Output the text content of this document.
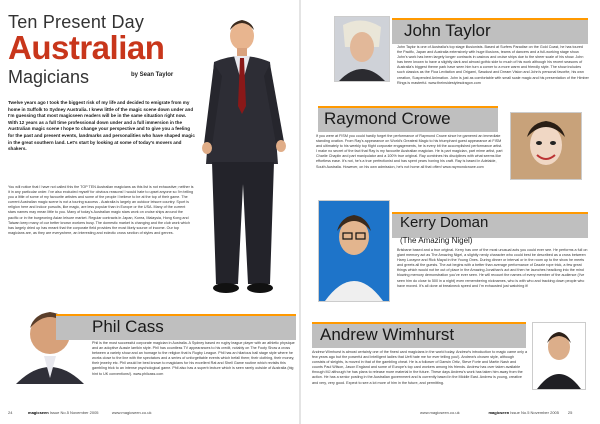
Ten Present Day
Australian
Magicians	by Sean Taylor
Twelve years ago I took the biggest risk of my life and decided to emigrate from my home in Suffolk to Sydney Australia. I knew little of the magic scene down under and I'm guessing that most magicseen readers will be in the same situation right now. With 12 years as a full time professional down under and a full immersion in the Australian magic scene I hope to change your perspective and to give you a feeling for the past and present events, landmarks and personalities who have shaped magic in the great southern land. Let's start by looking at some of today's movers and shakers.
You will notice that I have not called this the TOP TEN Australian magicians as this list is not exhaustive; neither is it in any particular order. I've also excluded myself for obvious reasons! I would hate to upset anyone so I'm telling you a little of some of my favourite artistes and some of the people I believe to be at the top of their game. The current Australian magic scene is not a touring success - Australia is largely an outdoor leisure country. Sport is religion here and indoor pursuits, like magic, are less popular than in Europe or the USA. Many of the current stars names may mean little to you. Many of today's Australian magic stars work on cruise ships around the pacific or in the burgeoning Asian leisure market. Regular contracts in Japan, Korea, Malaysia, Hong Kong and Taiwan keep many of our better known workers busy. The domestic market is changing and the club work which has largely dried up has meant that the corporate field provides the most likely source of income. Our top magicians are, as they are everywhere, an interesting and eclectic cross section of styles and genres.
Phil Cass
Phil is the most successful corporate magician in Australia. A Sydney based ex rugby league player with an athletic physique and an adoptive Aussie larrikin style. Phil has countless TV appearances to his credit, notably on The Footy Show a cross between a variety show and an homage to the religion that is Rugby League. Phil has an hilarious ball stage style where he works close to the line with the spectators and a series of unforgettable events which befall them; their clothing, their money, their jewelry etc. Phil would be best known to magicians for his excellent Rat and Shell Game routine which revisits this gambling trick to an intense psychological game. Phil also has a superb lecture which is seen rarely outside of Australia (big hint to UK conventions!). www.philcass.com
John Taylor
John Taylor is one of Australia's top stage illusionists. Based at Surfers Paradise on the Gold Coast, he has toured the Pacific, Japan and Australia extensively with huge illusions, teams of dancers and a full-working stage show. John's work has been largely longer contracts in casinos and cruise ships due to the sheer scale of his show. John has been known to have a slightly dark and almost gothic side to much of his work although his recent seasons of Australia's biggest theme park have seen him turn a corner to a more warm and friendly style. The show includes such classics as the Floa Levitation and Origami, Sawdust and Dream Vision and John's personal favorite, his own creation, Suspended Animation. John is just as comfortable with small scale magic and his presentation of the Himber Rings is masterful. www.theinsidestylesdragon.com
Raymond Crowe
If you were at FISM you could hardly forget the performance of Raymond Crowe since he garnered an immediate standing ovation. From Ray's appearance on World's Greatest Magic to his triumphant guest appearance at FISM and ultimately to his weekly top flight corporate engagements, he is every bit the accomplished performance artist. I make no secret of the fact that Ray is my favourite Australian magician. He is part magician, part mime artist, part Charlie Chaplin and part manipulator and a 100% true original. Ray combines his disciplines with what seems like effortless ease. It's not, he's a true perfectionist and has spent years honing his craft. Ray is based in Adelaide, South Australia. However, on his own admission, he's not home all that often! www.raymondcrowe.com
Kerry Doman
(The Amazing Nigel)
Brisbane based and a true original. Kerry has one of the most unusual acts you could ever see. He performs a full on giant memory act as The Amazing Nigel, a slightly nerdy character who could best be described as a cross between Harry Lorayne and Rick Mayal in the Young Ones. During dinner or interval or in the room up to the show he meets and greets all the guests. The act begins with a better than average performance of Dazzle rope trick, a few great things which would not be out of place in the Amazing Jonathan's act and then he launches headlong into the mind blowing memory demonstration you've ever seen. He will recount the names of every member of the audience (I've seen him do close to 500 in a night) even remembering nicknames, who is with who and tracking down people who have moved. It's all done at breakneck speed and I'm exhausted just watching it!
Andrew Wimhurst
Andrew Wimhurst is almost certainly one of the finest card magicians in the world today. Andrew's introduction to magic came only a few years ago but the powerful and intelligent ladies that Ueft hate me for ever telling you!). Andrew's chosen style, although consists of sleights, is moved in that of the gambling cheat. He is a follower of Darwin Ortiz, Steve Forte and Martin Nash and counts Paul Wilson, Jason England and some of Europe's top card workers among his friends. Andrew has over taken available through MJ although he has plans to release more material in the future. These days Andrew's work has taken him away from the action. He has a senior posting in the Australian government and is currently based in the Middle East. Andrew is young, creative and very, very good. Expect to see a lot more of him in the future, and permitting.
24	magicseen Issue No.5 November 2005	www.magicseen.co.uk	www.magicseen.co.uk	magicseen Issue No.5 November 2005 25
